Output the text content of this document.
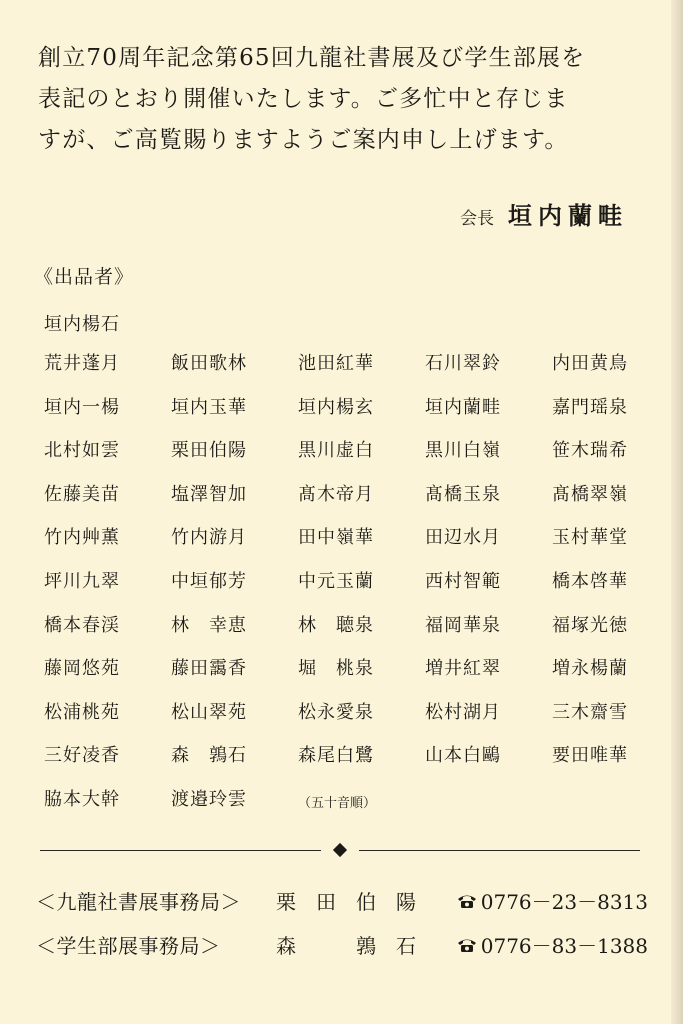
創立70周年記念第65回九龍社書展及び学生部展を

表記のとおり開催いたします。ご多忙中と存じま

すが、ご高覧賜りますようご案内申し上げます。

会長 垣内蘭畦
《出品者》
垣内楊石
荒井蓬月	飯田歌林	池田紅華	石川翠鈴	内田黄鳥
垣内一楊	垣内玉華	垣内楊玄	垣内蘭畦	嘉門瑶泉
北村如雲	栗田伯陽	黒川虚白	黒川白嶺	笹木瑞希
佐藤美苗	塩澤智加	髙木帝月	髙橋玉泉	髙橋翠嶺
竹内艸薫	竹内游月	田中嶺華	田辺水月	玉村華堂
坪川九翠	中垣郁芳	中元玉蘭	西村智範	橋本啓華
橋本春渓	林　幸恵	林　聴泉	福岡華泉	福塚光徳
藤岡悠苑	藤田靄香	堀　桃泉	増井紅翠	増永楊蘭
松浦桃苑	松山翠苑	松永愛泉	松村湖月	三木齋雪
三好凌香	森　鶉石	森尾白鷺	山本白鷗	要田唯華
脇本大幹	渡邉玲雲	（五十音順）
＜九龍社書展事務局＞ 栗　田　伯　陽	0776－23－8313
＜学生部展事務局＞	森　　　鶉　石	0776－83－1388
